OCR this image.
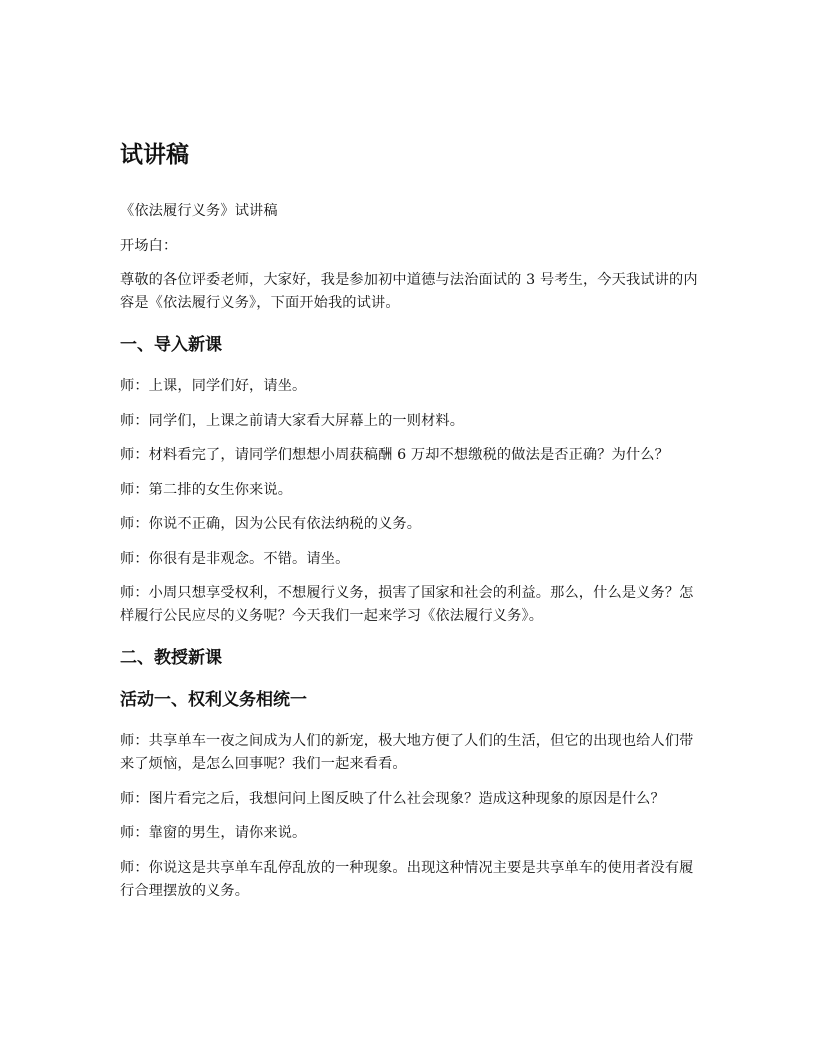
试讲稿

《依法履行义务》试讲稿

开场白：

尊敬的各位评委老师，大家好，我是参加初中道德与法治面试的 3 号考生，今天我试讲的内容是《依法履行义务》，下面开始我的试讲。

一、导入新课

师：上课，同学们好，请坐。

师：同学们，上课之前请大家看大屏幕上的一则材料。

师：材料看完了，请同学们想想小周获稿酬 6 万却不想缴税的做法是否正确？为什么？

师：第二排的女生你来说。

师：你说不正确，因为公民有依法纳税的义务。

师：你很有是非观念。不错。请坐。

师：小周只想享受权利，不想履行义务，损害了国家和社会的利益。那么，什么是义务？怎样履行公民应尽的义务呢？今天我们一起来学习《依法履行义务》。

二、教授新课
活动一、权利义务相统一

师：共享单车一夜之间成为人们的新宠，极大地方便了人们的生活，但它的出现也给人们带来了烦恼，是怎么回事呢？我们一起来看看。

师：图片看完之后，我想问问上图反映了什么社会现象？造成这种现象的原因是什么？

师：靠窗的男生，请你来说。

师：你说这是共享单车乱停乱放的一种现象。出现这种情况主要是共享单车的使用者没有履行合理摆放的义务。
